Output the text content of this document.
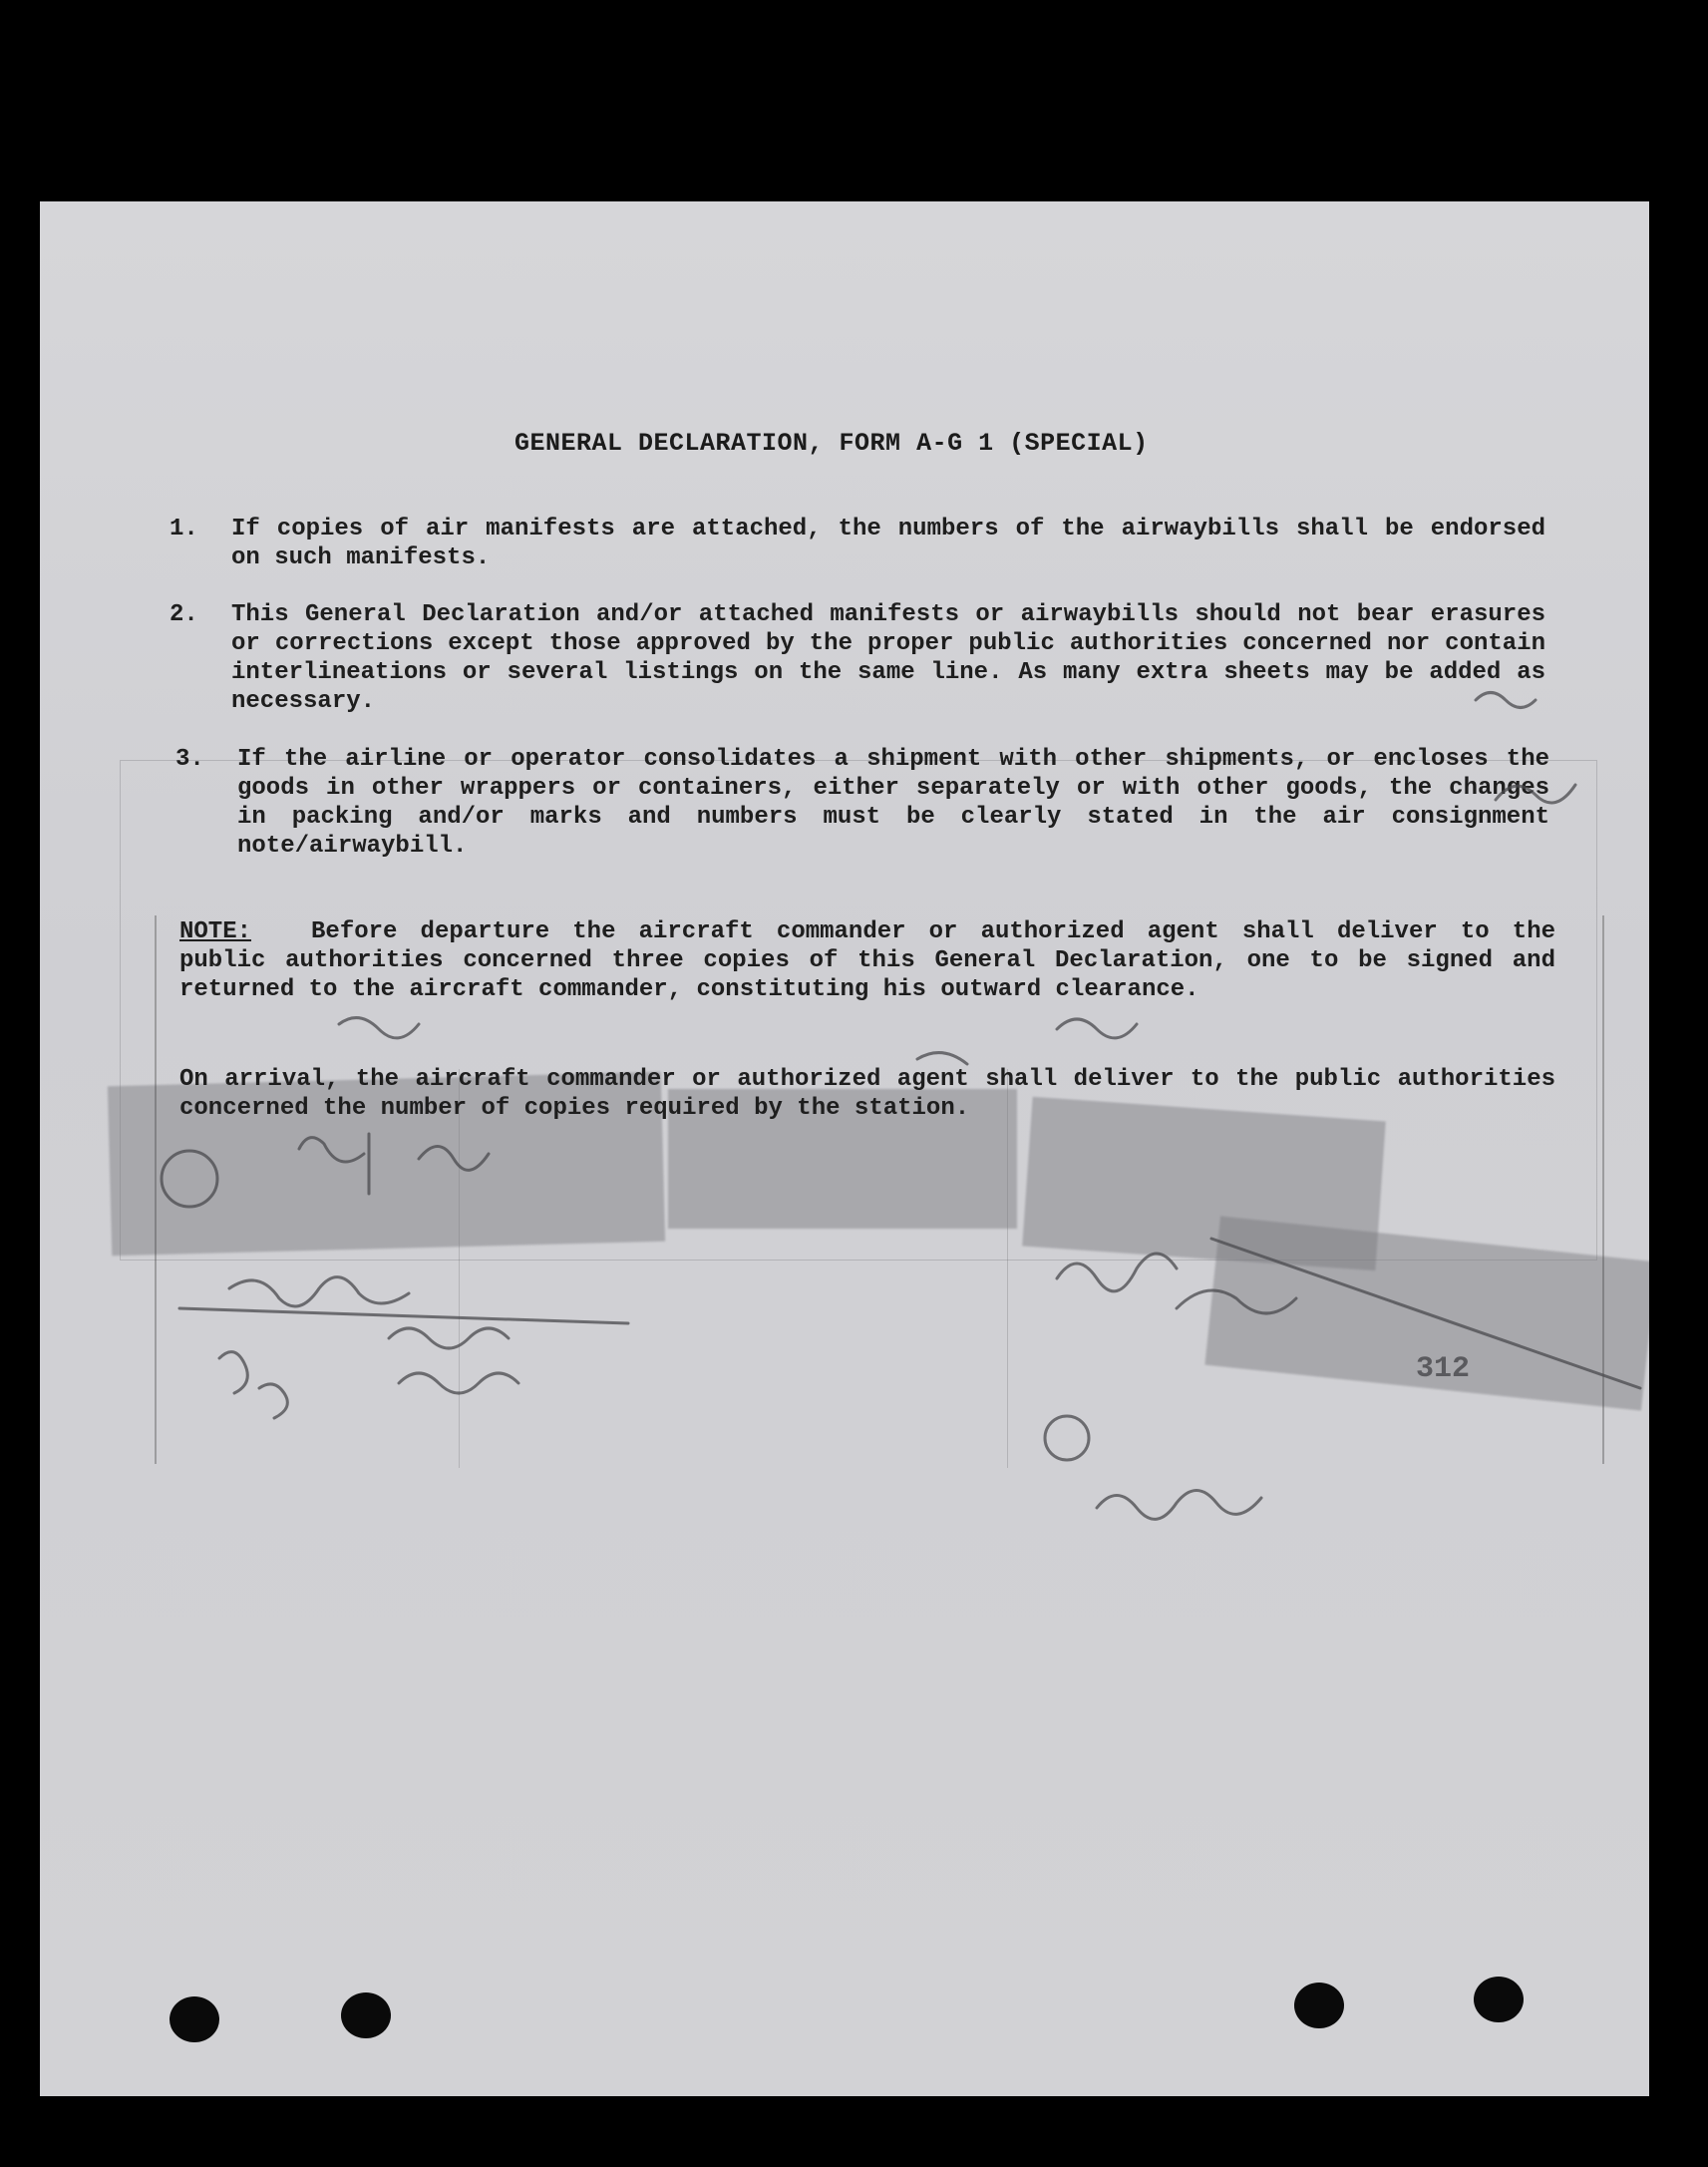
GENERAL DECLARATION, FORM A-G 1 (SPECIAL)
1.	If copies of air manifests are attached, the numbers of the airwaybills shall be endorsed on such manifests.
2.	This General Declaration and/or attached manifests or airwaybills should not bear erasures or corrections except those approved by the proper public authorities concerned nor contain interlineations or several listings on the same line. As many extra sheets may be added as necessary.
3.	If the airline or operator consolidates a shipment with other shipments, or encloses the goods in other wrappers or containers, either separately or with other goods, the changes in packing and/or marks and numbers must be clearly stated in the air consignment note/airwaybill.
NOTE:	Before departure the aircraft commander or authorized agent shall deliver to the public authorities concerned three copies of this General Declaration, one to be signed and returned to the aircraft commander, constituting his outward clearance.
On arrival, the aircraft commander or authorized agent shall deliver to the public authorities concerned the number of copies required by the station.
312
